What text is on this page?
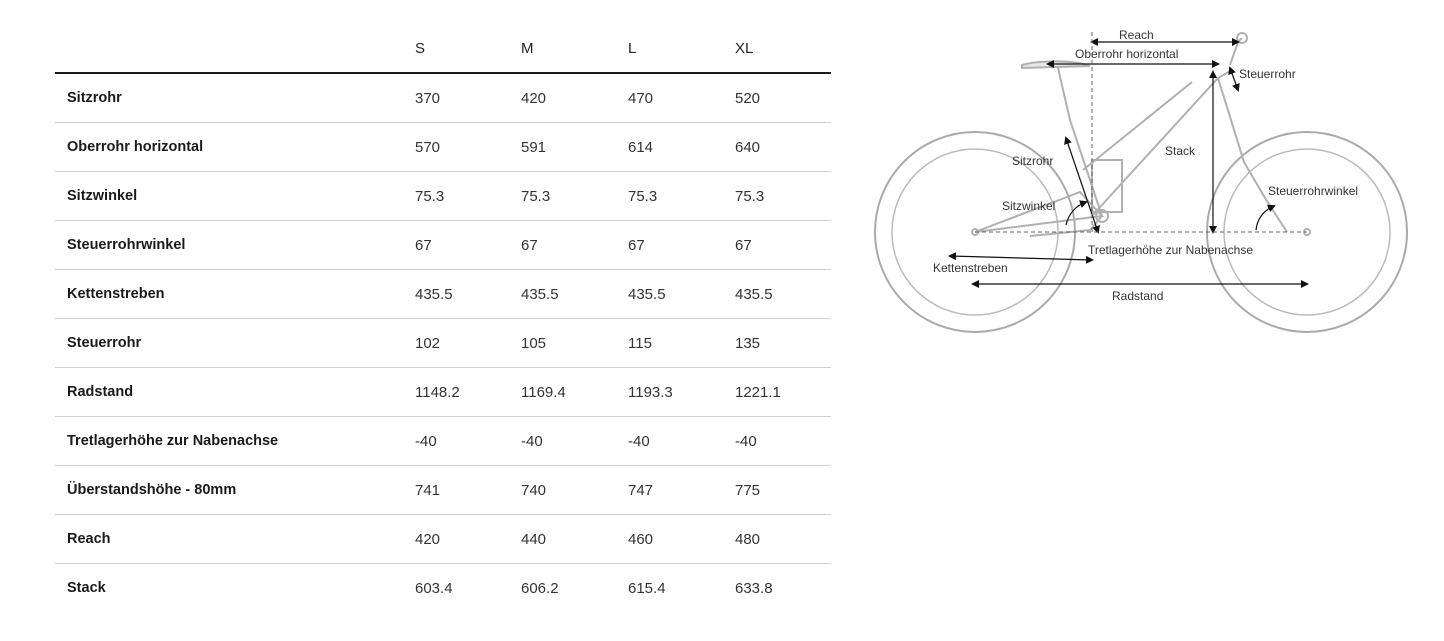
	S	M	L	XL
Sitzrohr	370	420	470	520
Oberrohr horizontal	570	591	614	640
Sitzwinkel	75.3	75.3	75.3	75.3
Steuerrohrwinkel	67	67	67	67
Kettenstreben	435.5	435.5	435.5	435.5
Steuerrohr	102	105	115	135
Radstand	1148.2	1169.4	1193.3	1221.1
Tretlagerhöhe zur Nabenachse	-40	-40	-40	-40
Überstandshöhe - 80mm	741	740	747	775
Reach	420	440	460	480
Stack	603.4	606.2	615.4	633.8
Reach
Oberrohr horizontal
Steuerrohr
Sitzrohr
Stack
Steuerrohrwinkel
Sitzwinkel
Tretlagerhöhe zur Nabenachse
Kettenstreben
Radstand
